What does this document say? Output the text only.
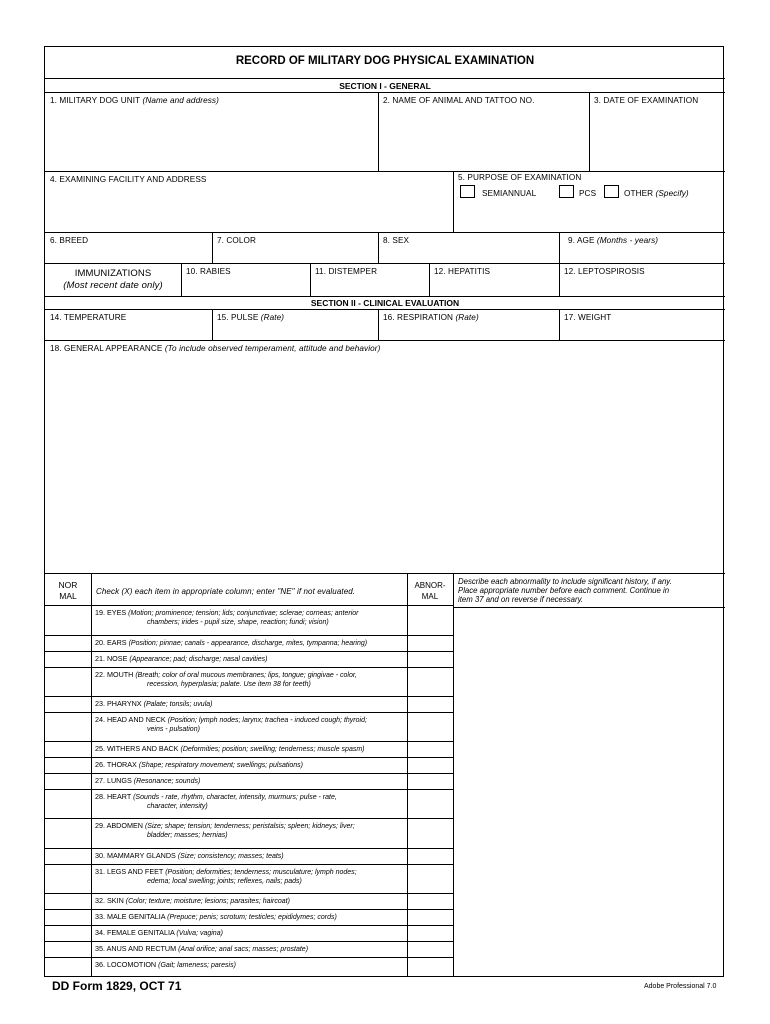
RECORD OF MILITARY DOG PHYSICAL EXAMINATION
SECTION I - GENERAL
1. MILITARY DOG UNIT (Name and address)	2. NAME OF ANIMAL AND TATTOO NO.	3. DATE OF EXAMINATION
4. EXAMINING FACILITY AND ADDRESS	5. PURPOSE OF EXAMINATION
SEMIANNUAL	PCS	OTHER (Specify)
6. BREED	7. COLOR	8. SEX	9. AGE (Months - years)
IMMUNIZATIONS
(Most recent date only)
10. RABIES	11. DISTEMPER	12. HEPATITIS	12. LEPTOSPIROSIS
SECTION II - CLINICAL EVALUATION
14. TEMPERATURE	15. PULSE (Rate)	16. RESPIRATION (Rate)	17. WEIGHT
18. GENERAL APPEARANCE (To include observed temperament, attitude and behavior)
NOR
MAL	Check (X) each item in appropriate column; enter "NE" if not evaluated.
ABNOR-
MAL
Describe each abnormality to include significant history, if any.
Place appropriate number before each comment. Continue in
item 37 and on reverse if necessary.
19. EYES (Motion; prominence; tension; lids; conjunctivae; sclerae; corneas; anterior
chambers; irides - pupil size, shape, reaction; fundi; vision)
20. EARS (Position; pinnae; canals - appearance, discharge, mites, tympanna; hearing)
21. NOSE (Appearance; pad; discharge; nasal cavities)
22. MOUTH (Breath; color of oral mucous membranes; lips, tongue; gingivae - color,
recession, hyperplasia; palate. Use item 38 for teeth)
23. PHARYNX (Palate; tonsils; uvula)
24. HEAD AND NECK (Position; lymph nodes; larynx; trachea - induced cough; thyroid;
veins - pulsation)
25. WITHERS AND BACK (Deformities; position; swelling; tenderness; muscle spasm)
26. THORAX (Shape; respiratory movement; swellings; pulsations)
27. LUNGS (Resonance; sounds)
28. HEART (Sounds - rate, rhythm, character, intensity, murmurs; pulse - rate,
character, intensity)
29. ABDOMEN (Size; shape; tension; tenderness; peristalsis; spleen; kidneys; liver;
bladder; masses; hernias)
30. MAMMARY GLANDS (Size; consistency; masses; teats)
31. LEGS AND FEET (Position; deformities; tenderness; musculature; lymph nodes;
edema; local swelling; joints; reflexes, nails; pads)
32. SKIN (Color; texture; moisture; lesions; parasites; haircoat)
33. MALE GENITALIA (Prepuce; penis; scrotum; testicles; epididymes; cords)
34. FEMALE GENITALIA (Vulva; vagina)
35. ANUS AND RECTUM (Anal orifice; anal sacs; masses; prostate)
36. LOCOMOTION (Gait; lameness; paresis)
DD Form 1829, OCT 71	Adobe Professional 7.0
